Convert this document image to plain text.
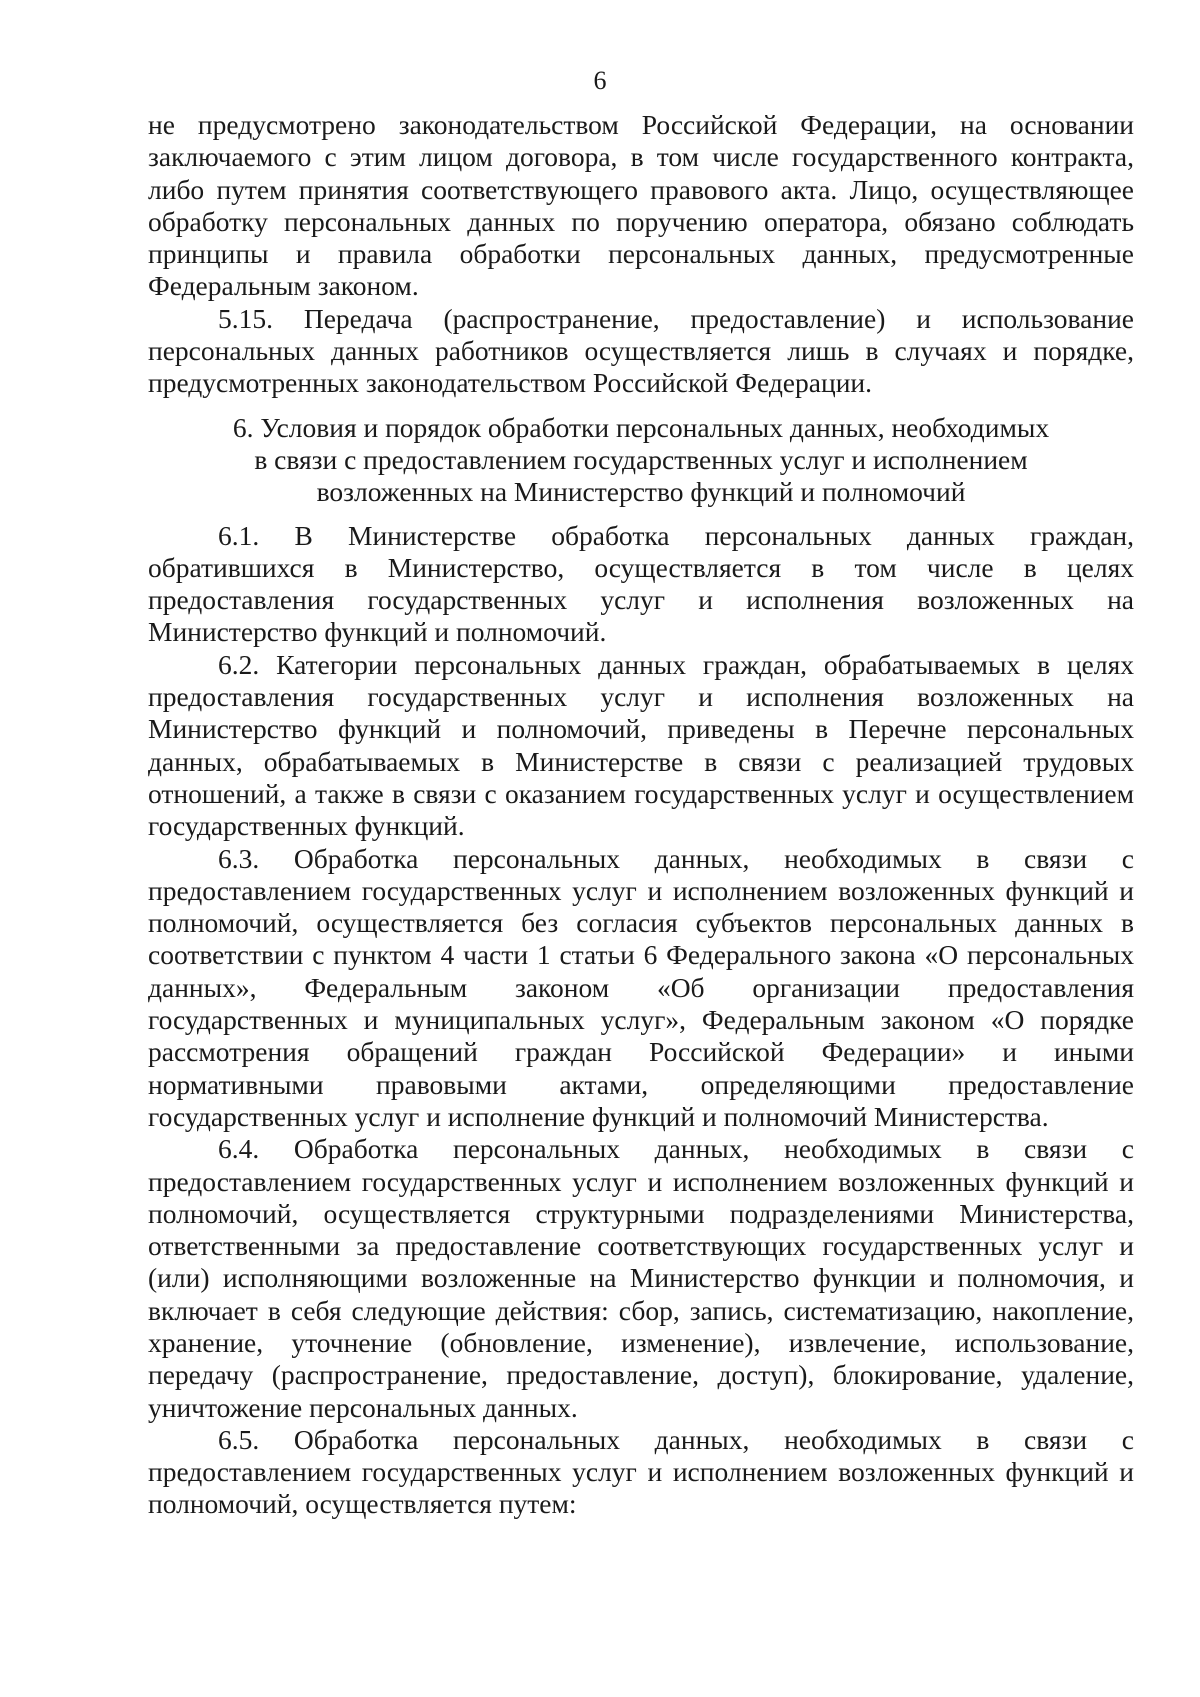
6

не предусмотрено законодательством Российской Федерации, на основании заключаемого с этим лицом договора, в том числе государственного контракта, либо путем принятия соответствующего правового акта. Лицо, осуществляющее обработку персональных данных по поручению оператора, обязано соблюдать принципы и правила обработки персональных данных, предусмотренные Федеральным законом.

5.15. Передача (распространение, предоставление) и использование персональных данных работников осуществляется лишь в случаях и порядке, предусмотренных законодательством Российской Федерации.

6. Условия и порядок обработки персональных данных, необходимых
в связи с предоставлением государственных услуг и исполнением
возложенных на Министерство функций и полномочий

6.1. В Министерстве обработка персональных данных граждан, обратившихся в Министерство, осуществляется в том числе в целях предоставления государственных услуг и исполнения возложенных на Министерство функций и полномочий.

6.2. Категории персональных данных граждан, обрабатываемых в целях предоставления государственных услуг и исполнения возложенных на Министерство функций и полномочий, приведены в Перечне персональных данных, обрабатываемых в Министерстве в связи с реализацией трудовых отношений, а также в связи с оказанием государственных услуг и осуществлением государственных функций.

6.3. Обработка персональных данных, необходимых в связи с предоставлением государственных услуг и исполнением возложенных функций и полномочий, осуществляется без согласия субъектов персональных данных в соответствии с пунктом 4 части 1 статьи 6 Федерального закона «О персональных данных», Федеральным законом «Об организации предоставления государственных и муниципальных услуг», Федеральным законом «О порядке рассмотрения обращений граждан Российской Федерации» и иными нормативными правовыми актами, определяющими предоставление государственных услуг и исполнение функций и полномочий Министерства.

6.4. Обработка персональных данных, необходимых в связи с предоставлением государственных услуг и исполнением возложенных функций и полномочий, осуществляется структурными подразделениями Министерства, ответственными за предоставление соответствующих государственных услуг и (или) исполняющими возложенные на Министерство функции и полномочия, и включает в себя следующие действия: сбор, запись, систематизацию, накопление, хранение, уточнение (обновление, изменение), извлечение, использование, передачу (распространение, предоставление, доступ), блокирование, удаление, уничтожение персональных данных.

6.5. Обработка персональных данных, необходимых в связи с предоставлением государственных услуг и исполнением возложенных функций и полномочий, осуществляется путем:
